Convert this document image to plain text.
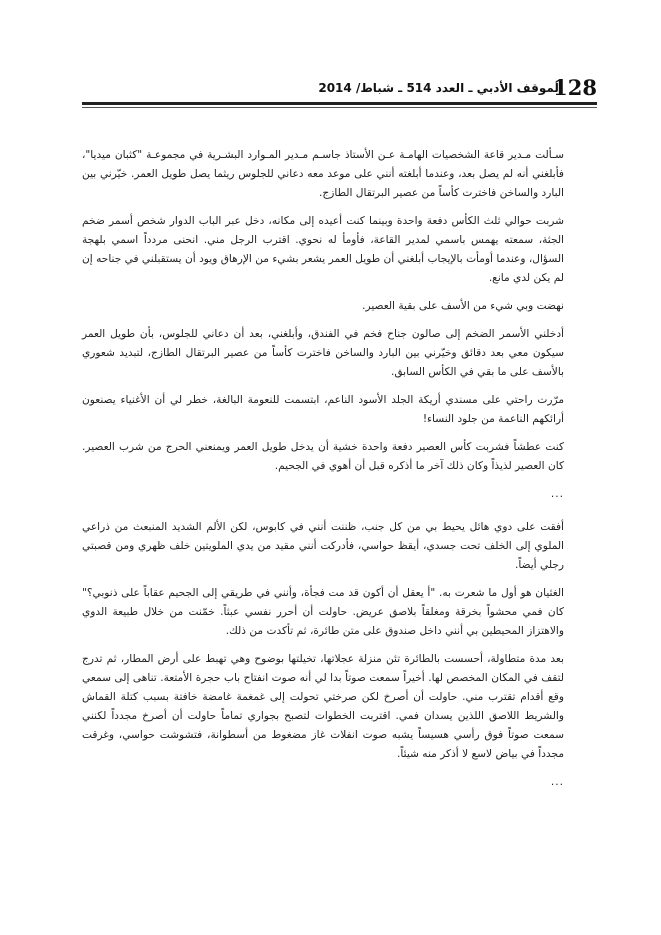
128
الموقف الأدبي ـ العدد 514 ـ شباط/ 2014

سـألت مـدير قاعة الشخصيات الهامـة عـن الأستاذ جاسـم مـدير المـوارد البشـرية في مجموعـة "كثبان ميديا"، فأبلغني أنه لم يصل بعد، وعندما أبلغته أنني على موعد معه دعاني للجلوس ريثما يصل طويل العمر. خيّرني بين البارد والساخن فاخترت كأساً من عصير البرتقال الطازج.

شربت حوالي ثلث الكأس دفعة واحدة وبينما كنت أعيده إلى مكانه، دخل عبر الباب الدوار شخص أسمر ضخم الجثة، سمعته يهمس باسمي لمدير القاعة، فأومأ له نحوي. اقترب الرجل مني. انحنى مردداً اسمي بلهجة السؤال، وعندما أومأت بالإيجاب أبلغني أن طويل العمر يشعر بشيء من الإرهاق ويود أن يستقبلني في جناحه إن لم يكن لدي مانع.

نهضت وبي شيء من الأسف على بقية العصير.

أدخلني الأسمر الضخم إلى صالون جناح فخم في الفندق، وأبلغني، بعد أن دعاني للجلوس، بأن طويل العمر سيكون معي بعد دقائق وخيّرني بين البارد والساخن فاخترت كأساً من عصير البرتقال الطازج، لتبديد شعوري بالأسف على ما بقي في الكأس السابق.

مرّرت راحتي على مسندي أريكة الجلد الأسود الناعم، ابتسمت للنعومة البالغة، خطر لي أن الأغنياء يصنعون أرائكهم الناعمة من جلود النساء!

كنت عطشاً فشربت كأس العصير دفعة واحدة خشية أن يدخل طويل العمر ويمنعني الحرج من شرب العصير. كان العصير لذيذاً وكان ذلك آخر ما أذكره قبل أن أهوي في الجحيم.

...

أفقت على دوي هائل يحيط بي من كل جنب، ظننت أنني في كابوس، لكن الألم الشديد المنبعث من ذراعي الملوي إلى الخلف تحت جسدي، أيقظ حواسي، فأدركت أنني مقيد من يدي الملويتين خلف ظهري ومن قصبتي رجلي أيضاً.

الغثيان هو أول ما شعرت به. "أ يعقل أن أكون قد مت فجأة، وأنني في طريقي إلى الجحيم عقاباً على ذنوبي؟" كان فمي محشواً بخرقة ومغلقاً بلاصق عريض. حاولت أن أحرر نفسي عبثاً. خمّنت من خلال طبيعة الدوي والاهتزاز المحيطين بي أنني داخل صندوق على متن طائرة، ثم تأكدت من ذلك.

بعد مدة متطاولة، أحسست بالطائرة تئن منزلة عجلاتها، تخيلتها بوضوح وهي تهبط على أرض المطار، ثم تدرج لتقف في المكان المخصص لها. أخيراً سمعت صوتاً بدا لي أنه صوت انفتاح باب حجرة الأمتعة. تناهى إلى سمعي وقع أقدام تقترب مني. حاولت أن أصرخ لكن صرختي تحولت إلى غمغمة غامضة خافتة بسبب كتلة القماش والشريط اللاصق اللذين يسدان فمي. اقتربت الخطوات لتصبح بجواري تماماً حاولت أن أصرخ مجدداً لكنني سمعت صوتاً فوق رأسي هسيساً يشبه صوت انفلات غاز مضغوط من أسطوانة، فتشوشت حواسي، وغرقت مجدداً في بياض لاسع لا أذكر منه شيئاً.

...
